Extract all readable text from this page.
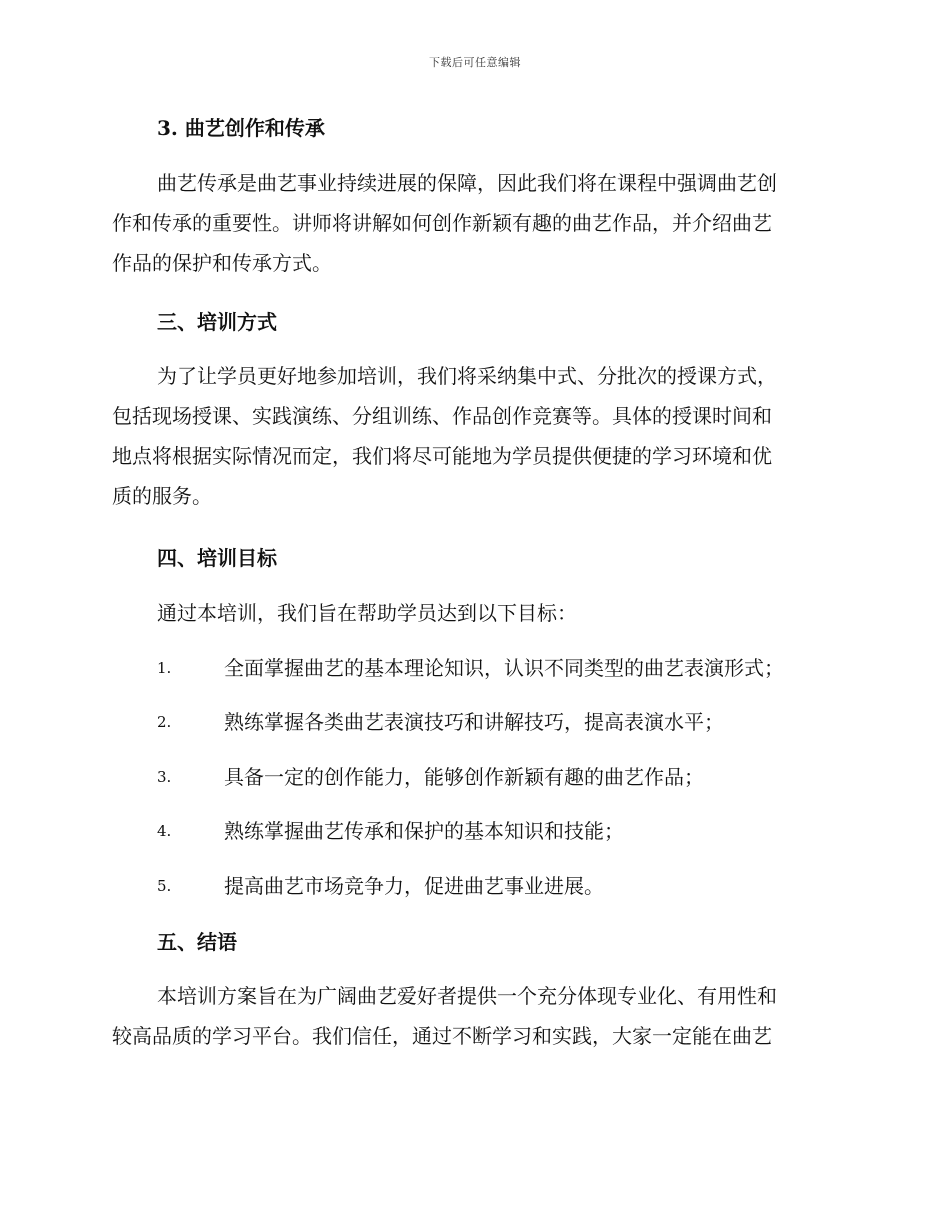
下载后可任意编辑
3. 曲艺创作和传承
曲艺传承是曲艺事业持续进展的保障，因此我们将在课程中强调曲艺创
作和传承的重要性。讲师将讲解如何创作新颖有趣的曲艺作品，并介绍曲艺
作品的保护和传承方式。
三、培训方式
为了让学员更好地参加培训，我们将采纳集中式、分批次的授课方式，
包括现场授课、实践演练、分组训练、作品创作竞赛等。具体的授课时间和
地点将根据实际情况而定，我们将尽可能地为学员提供便捷的学习环境和优
质的服务。
四、培训目标
通过本培训，我们旨在帮助学员达到以下目标：
1.	全面掌握曲艺的基本理论知识，认识不同类型的曲艺表演形式；
2.	熟练掌握各类曲艺表演技巧和讲解技巧，提高表演水平；
3.	具备一定的创作能力，能够创作新颖有趣的曲艺作品；
4.	熟练掌握曲艺传承和保护的基本知识和技能；
5.	提高曲艺市场竞争力，促进曲艺事业进展。
五、结语
本培训方案旨在为广阔曲艺爱好者提供一个充分体现专业化、有用性和
较高品质的学习平台。我们信任，通过不断学习和实践，大家一定能在曲艺
